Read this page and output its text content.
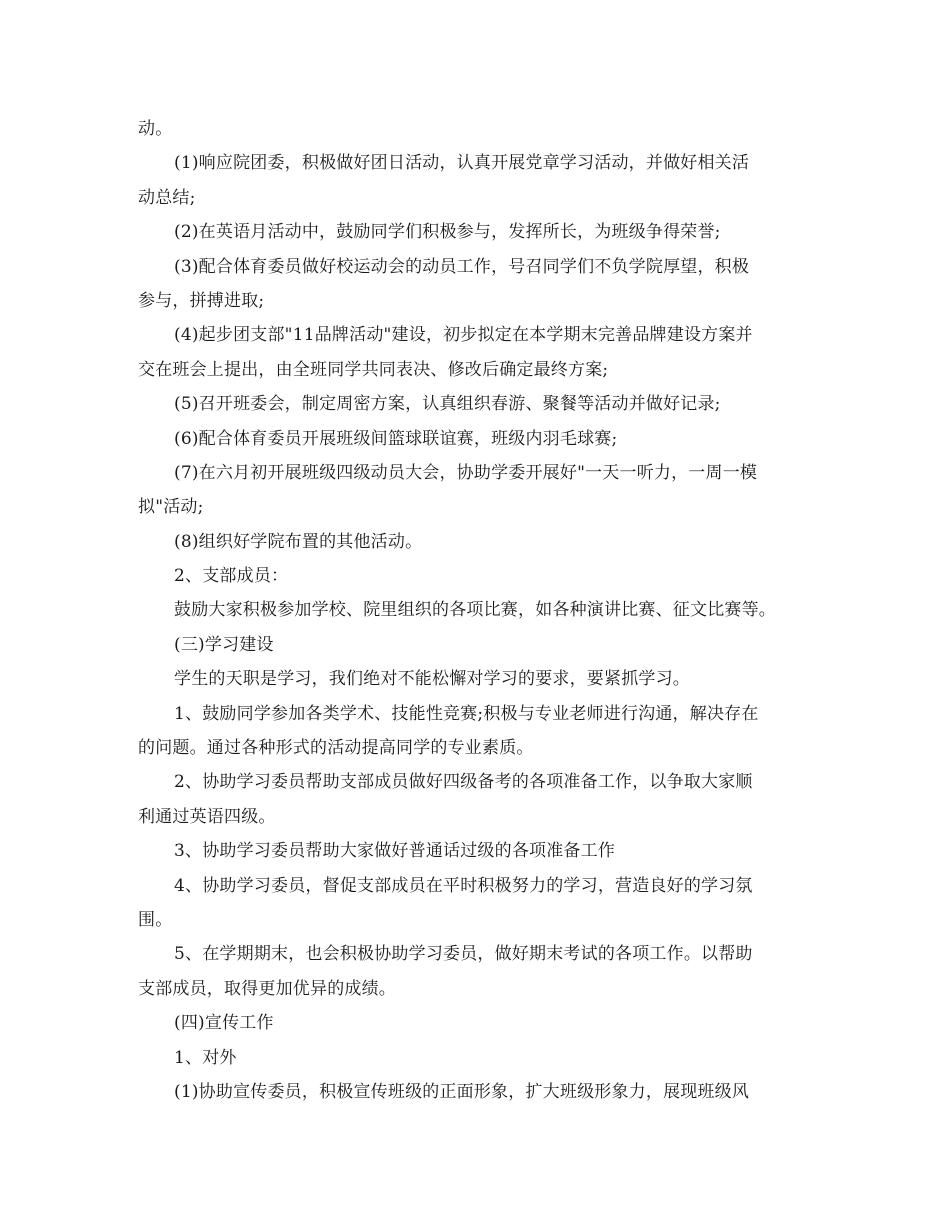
动。
(1)响应院团委，积极做好团日活动，认真开展党章学习活动，并做好相关活
动总结;
(2)在英语月活动中，鼓励同学们积极参与，发挥所长，为班级争得荣誉;
(3)配合体育委员做好校运动会的动员工作，号召同学们不负学院厚望，积极
参与，拼搏进取;
(4)起步团支部"11品牌活动"建设，初步拟定在本学期末完善品牌建设方案并
交在班会上提出，由全班同学共同表决、修改后确定最终方案;
(5)召开班委会，制定周密方案，认真组织春游、聚餐等活动并做好记录;
(6)配合体育委员开展班级间篮球联谊赛，班级内羽毛球赛;
(7)在六月初开展班级四级动员大会，协助学委开展好"一天一听力，一周一模
拟"活动;
(8)组织好学院布置的其他活动。
2、支部成员：
鼓励大家积极参加学校、院里组织的各项比赛，如各种演讲比赛、征文比赛等。
(三)学习建设
学生的天职是学习，我们绝对不能松懈对学习的要求，要紧抓学习。
1、鼓励同学参加各类学术、技能性竞赛;积极与专业老师进行沟通，解决存在
的问题。通过各种形式的活动提高同学的专业素质。
2、协助学习委员帮助支部成员做好四级备考的各项准备工作，以争取大家顺
利通过英语四级。
3、协助学习委员帮助大家做好普通话过级的各项准备工作
4、协助学习委员，督促支部成员在平时积极努力的学习，营造良好的学习氛
围。
5、在学期期末，也会积极协助学习委员，做好期末考试的各项工作。以帮助
支部成员，取得更加优异的成绩。
(四)宣传工作
1、对外
(1)协助宣传委员，积极宣传班级的正面形象，扩大班级形象力，展现班级风
